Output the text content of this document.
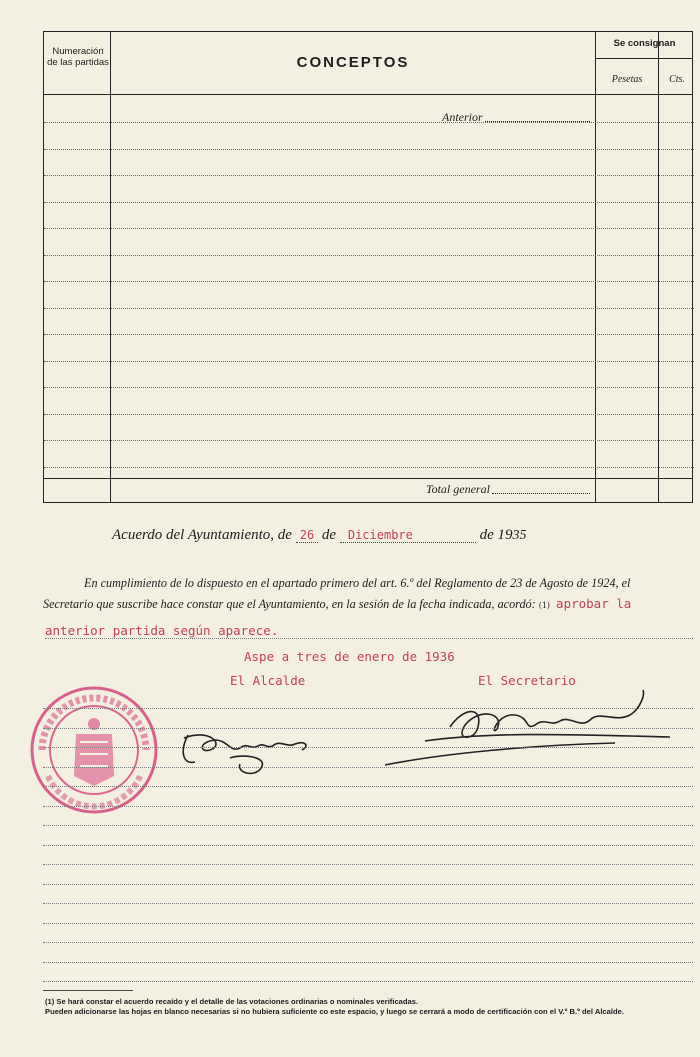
Numeración de las partidas	CONCEPTOS
Se consignan
Pesetas	Cts.
Anterior
Total general
Acuerdo del Ayuntamiento, de 26 de Diciembre	de 1935
En cumplimiento de lo dispuesto en el apartado primero del art. 6.º del Reglamento de 23 de Agosto de 1924, el
Secretario que suscribe hace constar que el Ayuntamiento, en la sesión de la fecha indicada, acordó: (1) aprobar la
anterior partida según aparece.
Aspe a tres de enero de 1936
El Alcalde	El Secretario
(1) Se hará constar el acuerdo recaído y el detalle de las votaciones ordinarias o nominales verificadas.
Pueden adicionarse las hojas en blanco necesarias si no hubiera suficiente co este espacio, y luego se cerrará a modo de certificación con el V.º B.º del Alcalde.
